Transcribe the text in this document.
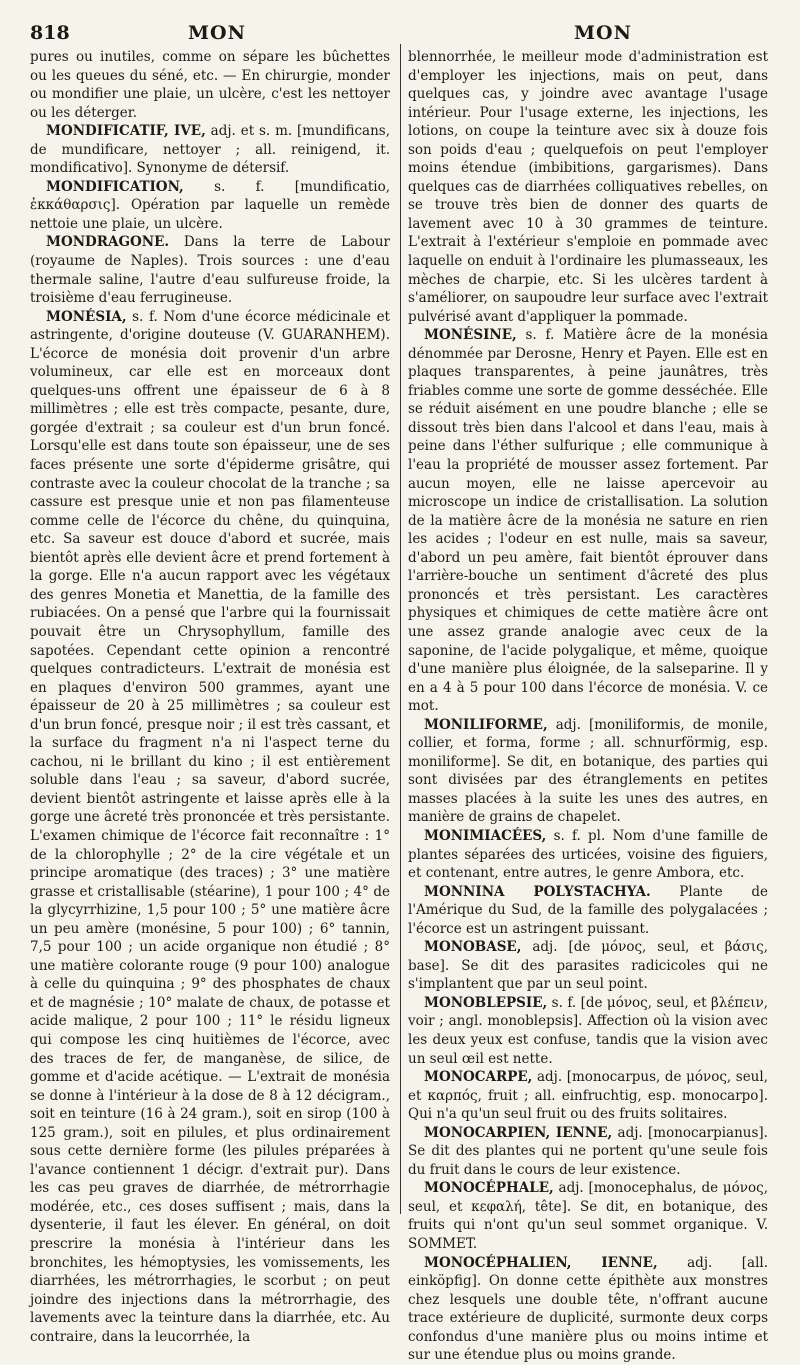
818	MON	MON

pures ou inutiles, comme on sépare les bûchettes ou les queues du séné, etc. — En chirurgie, monder ou mondifier une plaie, un ulcère, c'est les nettoyer ou les déterger.

MONDIFICATIF, IVE, adj. et s. m. [mundificans, de mundificare, nettoyer ; all. reinigend, it. mondificativo]. Synonyme de détersif.

MONDIFICATION, s. f. [mundificatio, ἐκκάθαρσις]. Opération par laquelle un remède nettoie une plaie, un ulcère.

MONDRAGONE. Dans la terre de Labour (royaume de Naples). Trois sources : une d'eau thermale saline, l'autre d'eau sulfureuse froide, la troisième d'eau ferrugineuse.

MONÉSIA, s. f. Nom d'une écorce médicinale et astringente, d'origine douteuse (V. GUARANHEM). L'écorce de monésia doit provenir d'un arbre volumineux, car elle est en morceaux dont quelques-uns offrent une épaisseur de 6 à 8 millimètres ; elle est très compacte, pesante, dure, gorgée d'extrait ; sa couleur est d'un brun foncé. Lorsqu'elle est dans toute son épaisseur, une de ses faces présente une sorte d'épiderme grisâtre, qui contraste avec la couleur chocolat de la tranche ; sa cassure est presque unie et non pas filamenteuse comme celle de l'écorce du chêne, du quinquina, etc. Sa saveur est douce d'abord et sucrée, mais bientôt après elle devient âcre et prend fortement à la gorge. Elle n'a aucun rapport avec les végétaux des genres Monetia et Manettia, de la famille des rubiacées. On a pensé que l'arbre qui la fournissait pouvait être un Chrysophyllum, famille des sapotées. Cependant cette opinion a rencontré quelques contradicteurs. L'extrait de monésia est en plaques d'environ 500 grammes, ayant une épaisseur de 20 à 25 millimètres ; sa couleur est d'un brun foncé, presque noir ; il est très cassant, et la surface du fragment n'a ni l'aspect terne du cachou, ni le brillant du kino ; il est entièrement soluble dans l'eau ; sa saveur, d'abord sucrée, devient bientôt astringente et laisse après elle à la gorge une âcreté très prononcée et très persistante. L'examen chimique de l'écorce fait reconnaître : 1° de la chlorophylle ; 2° de la cire végétale et un principe aromatique (des traces) ; 3° une matière grasse et cristallisable (stéarine), 1 pour 100 ; 4° de la glycyrrhizine, 1,5 pour 100 ; 5° une matière âcre un peu amère (monésine, 5 pour 100) ; 6° tannin, 7,5 pour 100 ; un acide organique non étudié ; 8° une matière colorante rouge (9 pour 100) analogue à celle du quinquina ; 9° des phosphates de chaux et de magnésie ; 10° malate de chaux, de potasse et acide malique, 2 pour 100 ; 11° le résidu ligneux qui compose les cinq huitièmes de l'écorce, avec des traces de fer, de manganèse, de silice, de gomme et d'acide acétique. — L'extrait de monésia se donne à l'intérieur à la dose de 8 à 12 décigram., soit en teinture (16 à 24 gram.), soit en sirop (100 à 125 gram.), soit en pilules, et plus ordinairement sous cette dernière forme (les pilules préparées à l'avance contiennent 1 décigr. d'extrait pur). Dans les cas peu graves de diarrhée, de métrorrhagie modérée, etc., ces doses suffisent ; mais, dans la dysenterie, il faut les élever. En général, on doit prescrire la monésia à l'intérieur dans les bronchites, les hémoptysies, les vomissements, les diarrhées, les métrorrhagies, le scorbut ; on peut joindre des injections dans la métrorrhagie, des lavements avec la teinture dans la diarrhée, etc. Au contraire, dans la leucorrhée, la

blennorrhée, le meilleur mode d'administration est d'employer les injections, mais on peut, dans quelques cas, y joindre avec avantage l'usage intérieur. Pour l'usage externe, les injections, les lotions, on coupe la teinture avec six à douze fois son poids d'eau ; quelquefois on peut l'employer moins étendue (imbibitions, gargarismes). Dans quelques cas de diarrhées colliquatives rebelles, on se trouve très bien de donner des quarts de lavement avec 10 à 30 grammes de teinture. L'extrait à l'extérieur s'emploie en pommade avec laquelle on enduit à l'ordinaire les plumasseaux, les mèches de charpie, etc. Si les ulcères tardent à s'améliorer, on saupoudre leur surface avec l'extrait pulvérisé avant d'appliquer la pommade.

MONÉSINE, s. f. Matière âcre de la monésia dénommée par Derosne, Henry et Payen. Elle est en plaques transparentes, à peine jaunâtres, très friables comme une sorte de gomme desséchée. Elle se réduit aisément en une poudre blanche ; elle se dissout très bien dans l'alcool et dans l'eau, mais à peine dans l'éther sulfurique ; elle communique à l'eau la propriété de mousser assez fortement. Par aucun moyen, elle ne laisse apercevoir au microscope un indice de cristallisation. La solution de la matière âcre de la monésia ne sature en rien les acides ; l'odeur en est nulle, mais sa saveur, d'abord un peu amère, fait bientôt éprouver dans l'arrière-bouche un sentiment d'âcreté des plus prononcés et très persistant. Les caractères physiques et chimiques de cette matière âcre ont une assez grande analogie avec ceux de la saponine, de l'acide polygalique, et même, quoique d'une manière plus éloignée, de la salseparine. Il y en a 4 à 5 pour 100 dans l'écorce de monésia. V. ce mot.

MONILIFORME, adj. [moniliformis, de monile, collier, et forma, forme ; all. schnurförmig, esp. moniliforme]. Se dit, en botanique, des parties qui sont divisées par des étranglements en petites masses placées à la suite les unes des autres, en manière de grains de chapelet.

MONIMIACÉES, s. f. pl. Nom d'une famille de plantes séparées des urticées, voisine des figuiers, et contenant, entre autres, le genre Ambora, etc.

MONNINA POLYSTACHYA. Plante de l'Amérique du Sud, de la famille des polygalacées ; l'écorce est un astringent puissant.

MONOBASE, adj. [de μόνος, seul, et βάσις, base]. Se dit des parasites radicicoles qui ne s'implantent que par un seul point.

MONOBLEPSIE, s. f. [de μόνος, seul, et βλέπειν, voir ; angl. monoblepsis]. Affection où la vision avec les deux yeux est confuse, tandis que la vision avec un seul œil est nette.

MONOCARPE, adj. [monocarpus, de μόνος, seul, et καρπός, fruit ; all. einfruchtig, esp. monocarpo]. Qui n'a qu'un seul fruit ou des fruits solitaires.

MONOCARPIEN, IENNE, adj. [monocarpianus]. Se dit des plantes qui ne portent qu'une seule fois du fruit dans le cours de leur existence.

MONOCÉPHALE, adj. [monocephalus, de μόνος, seul, et κεφαλή, tête]. Se dit, en botanique, des fruits qui n'ont qu'un seul sommet organique. V. SOMMET.

MONOCÉPHALIEN, IENNE, adj. [all. einköpfig]. On donne cette épithète aux monstres chez lesquels une double tête, n'offrant aucune trace extérieure de duplicité, surmonte deux corps confondus d'une manière plus ou moins intime et sur une étendue plus ou moins grande.
